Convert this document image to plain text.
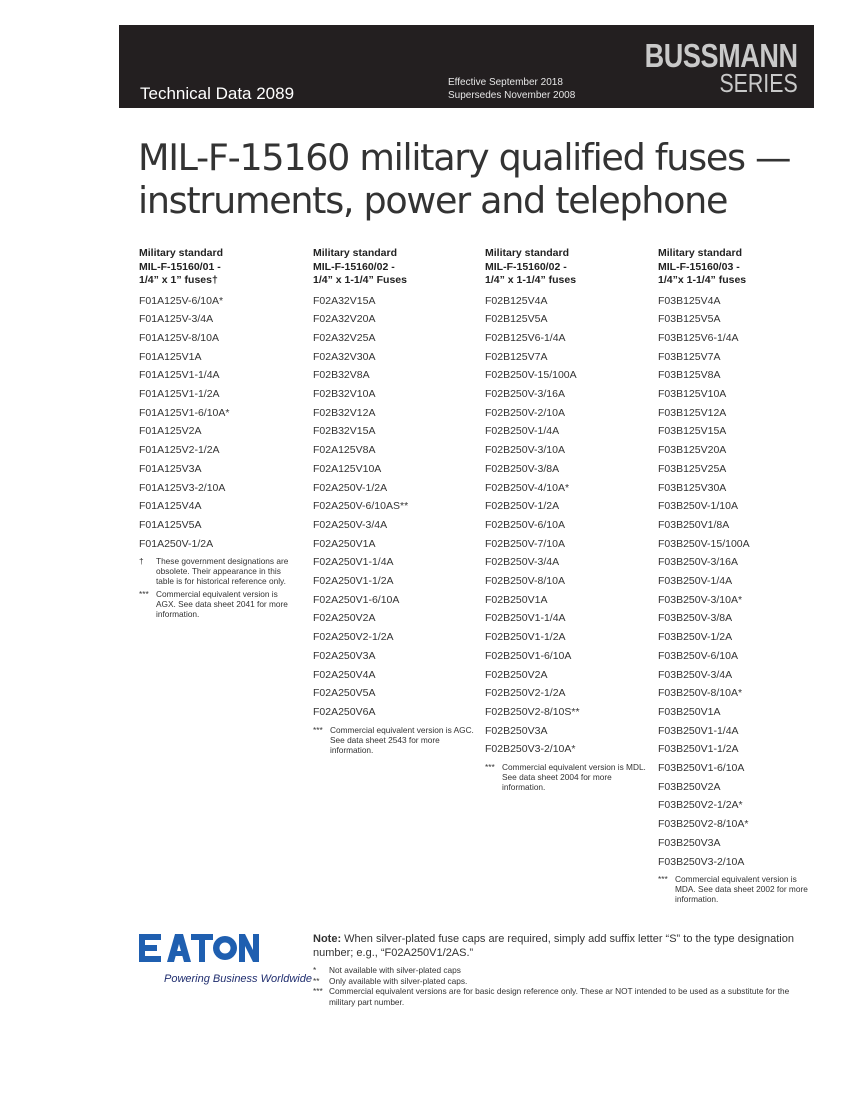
Technical Data 2089
Effective September 2018
Supersedes November 2008
BUSSMANN
SERIES
MIL-F-15160 military qualified fuses —
instruments, power and telephone
Military standard
MIL-F-15160/01 -
1/4” x 1” fuses†
F01A125V-6/10A*
F01A125V-3/4A
F01A125V-8/10A
F01A125V1A
F01A125V1-1/4A
F01A125V1-1/2A
F01A125V1-6/10A*
F01A125V2A
F01A125V2-1/2A
F01A125V3A
F01A125V3-2/10A
F01A125V4A
F01A125V5A
F01A250V-1/2A
†	These government designations are obsolete. Their appearance in this table is for historical reference only.
*** Commercial equivalent version is AGX. See data sheet 2041 for more information.
Military standard
MIL-F-15160/02 -
1/4” x 1-1/4” Fuses
F02A32V15A
F02A32V20A
F02A32V25A
F02A32V30A
F02B32V8A
F02B32V10A
F02B32V12A
F02B32V15A
F02A125V8A
F02A125V10A
F02A250V-1/2A
F02A250V-6/10AS**
F02A250V-3/4A
F02A250V1A
F02A250V1-1/4A
F02A250V1-1/2A
F02A250V1-6/10A
F02A250V2A
F02A250V2-1/2A
F02A250V3A
F02A250V4A
F02A250V5A
F02A250V6A
*** Commercial equivalent version is AGC. See data sheet 2543 for more information.
Military standard
MIL-F-15160/02 -
1/4” x 1-1/4” fuses
F02B125V4A
F02B125V5A
F02B125V6-1/4A
F02B125V7A
F02B250V-15/100A
F02B250V-3/16A
F02B250V-2/10A
F02B250V-1/4A
F02B250V-3/10A
F02B250V-3/8A
F02B250V-4/10A*
F02B250V-1/2A
F02B250V-6/10A
F02B250V-7/10A
F02B250V-3/4A
F02B250V-8/10A
F02B250V1A
F02B250V1-1/4A
F02B250V1-1/2A
F02B250V1-6/10A
F02B250V2A
F02B250V2-1/2A
F02B250V2-8/10S**
F02B250V3A
F02B250V3-2/10A*
*** Commercial equivalent version is MDL. See data sheet 2004 for more information.
Military standard
MIL-F-15160/03 -
1/4”x 1-1/4” fuses
F03B125V4A
F03B125V5A
F03B125V6-1/4A
F03B125V7A
F03B125V8A
F03B125V10A
F03B125V12A
F03B125V15A
F03B125V20A
F03B125V25A
F03B125V30A
F03B250V-1/10A
F03B250V1/8A
F03B250V-15/100A
F03B250V-3/16A
F03B250V-1/4A
F03B250V-3/10A*
F03B250V-3/8A
F03B250V-1/2A
F03B250V-6/10A
F03B250V-3/4A
F03B250V-8/10A*
F03B250V1A
F03B250V1-1/4A
F03B250V1-1/2A
F03B250V1-6/10A
F03B250V2A
F03B250V2-1/2A*
F03B250V2-8/10A*
F03B250V3A
F03B250V3-2/10A
*** Commercial equivalent version is MDA. See data sheet 2002 for more information.
Powering Business Worldwide
Note: When silver-plated fuse caps are required, simply add suffix letter “S” to the type designation number; e.g., “F02A250V1/2AS.”
*	Not available with silver-plated caps
**	Only available with silver-plated caps.
*** Commercial equivalent versions are for basic design reference only. These ar NOT intended to be used as a substitute for the military part number.
